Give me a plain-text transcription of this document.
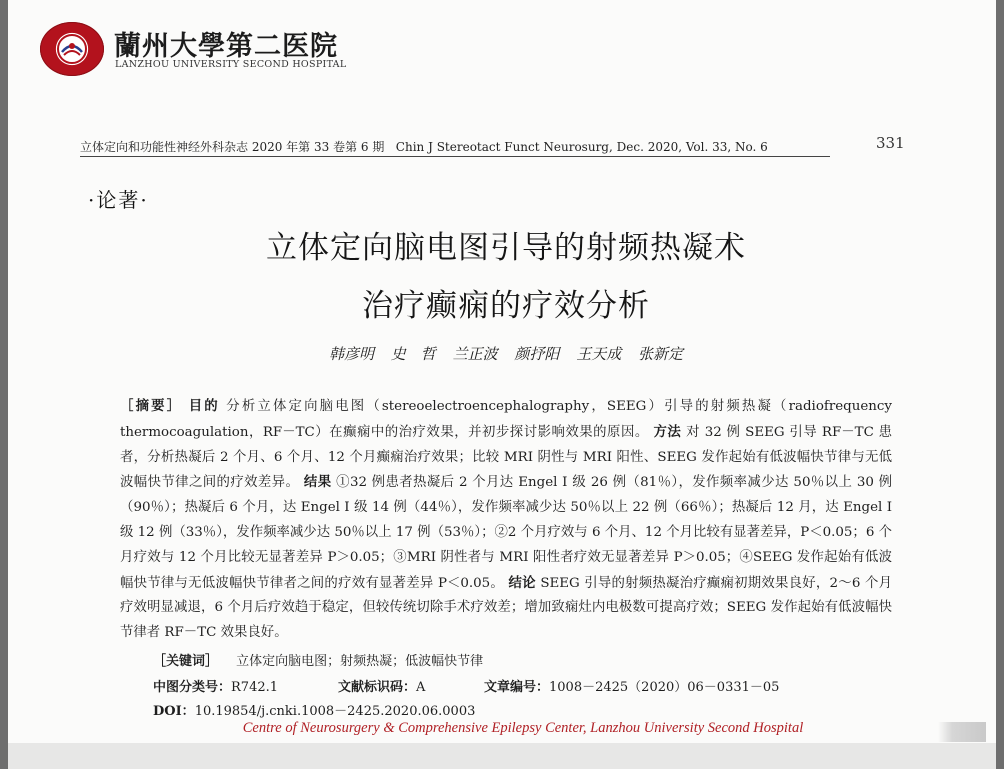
蘭州大學第二医院
LANZHOU UNIVERSITY SECOND HOSPITAL
立体定向和功能性神经外科杂志 2020 年第 33 卷第 6 期 Chin J Stereotact Funct Neurosurg, Dec. 2020, Vol. 33, No. 6	331
·论著·
立体定向脑电图引导的射频热凝术
治疗癫痫的疗效分析
韩彦明 史　哲 兰正波 颜抒阳 王天成 张新定
［摘要］ 目的 分析立体定向脑电图（stereoelectroencephalography，SEEG）引导的射频热凝（radiofrequency thermocoagulation，RF－TC）在癫痫中的治疗效果，并初步探讨影响效果的原因。 方法 对 32 例 SEEG 引导 RF－TC 患者，分析热凝后 2 个月、6 个月、12 个月癫痫治疗效果；比较 MRI 阴性与 MRI 阳性、SEEG 发作起始有低波幅快节律与无低波幅快节律之间的疗效差异。 结果 ①32 例患者热凝后 2 个月达 Engel Ⅰ 级 26 例（81％），发作频率减少达 50％以上 30 例（90％）；热凝后 6 个月，达 Engel Ⅰ 级 14 例（44％），发作频率减少达 50％以上 22 例（66％）；热凝后 12 月，达 Engel Ⅰ 级 12 例（33％），发作频率减少达 50％以上 17 例（53％）；②2 个月疗效与 6 个月、12 个月比较有显著差异，P＜0.05；6 个月疗效与 12 个月比较无显著差异 P＞0.05；③MRI 阴性者与 MRI 阳性者疗效无显著差异 P＞0.05；④SEEG 发作起始有低波幅快节律与无低波幅快节律者之间的疗效有显著差异 P＜0.05。 结论 SEEG 引导的射频热凝治疗癫痫初期效果良好，2～6 个月疗效明显减退，6 个月后疗效趋于稳定，但较传统切除手术疗效差；增加致痫灶内电极数可提高疗效；SEEG 发作起始有低波幅快节律者 RF－TC 效果良好。
［关键词］ 立体定向脑电图；射频热凝；低波幅快节律
中图分类号：R742.1	文献标识码：A	文章编号：1008－2425（2020）06－0331－05
DOI：10.19854/j.cnki.1008－2425.2020.06.0003
Centre of Neurosurgery & Comprehensive Epilepsy Center, Lanzhou University Second Hospital
